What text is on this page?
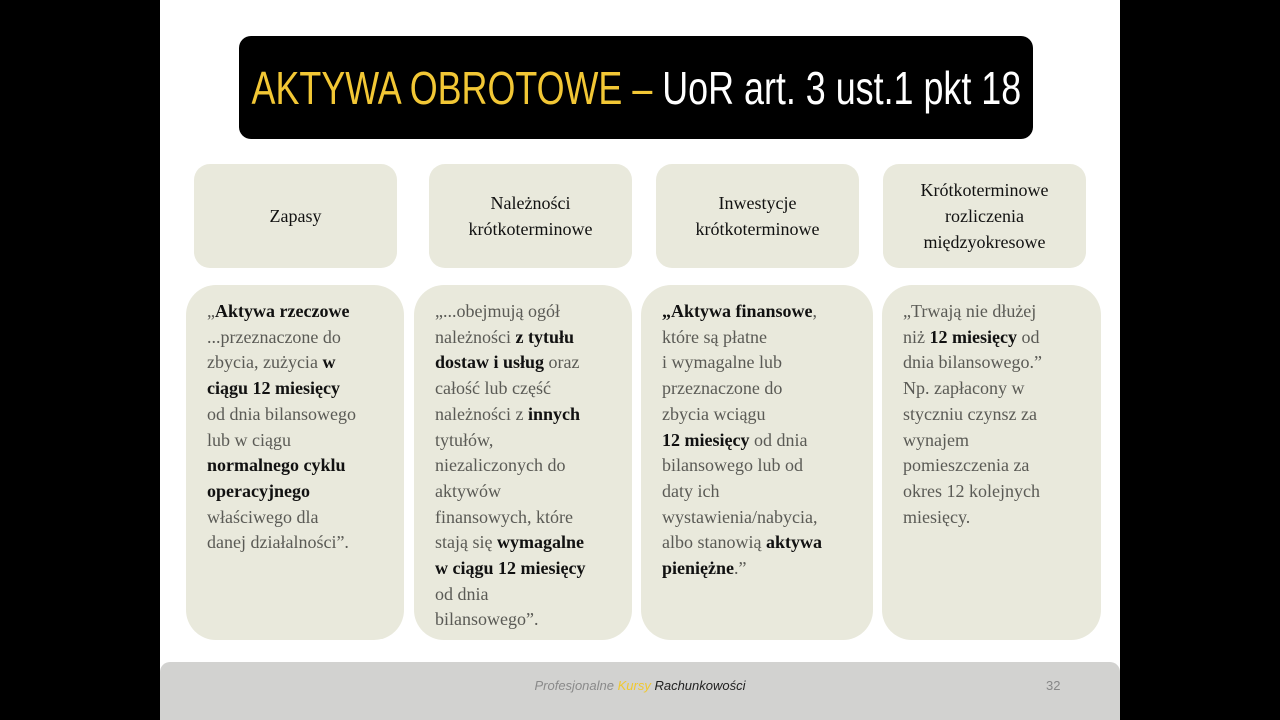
AKTYWA OBROTOWE – UoR art. 3 ust.1 pkt 18
Zapasy
Należności
krótkoterminowe
Inwestycje
krótkoterminowe
Krótkoterminowe
rozliczenia
międzyokresowe
„Aktywa rzeczowe
...przeznaczone do
zbycia, zużycia w
ciągu 12 miesięcy
od dnia bilansowego
lub w ciągu
normalnego cyklu
operacyjnego
właściwego dla
danej działalności”.
„...obejmują ogół
należności z tytułu
dostaw i usług oraz
całość lub część
należności z innych
tytułów,
niezaliczonych do
aktywów
finansowych, które
stają się wymagalne
w ciągu 12 miesięcy
od dnia
bilansowego”.
„Aktywa finansowe,
które są płatne
i wymagalne lub
przeznaczone do
zbycia wciągu
12 miesięcy od dnia
bilansowego lub od
daty ich
wystawienia/nabycia,
albo stanowią aktywa
pieniężne.”
„Trwają nie dłużej
niż 12 miesięcy od
dnia bilansowego.”
Np. zapłacony w
styczniu czynsz za
wynajem
pomieszczenia za
okres 12 kolejnych
miesięcy.
Profesjonalne Kursy Rachunkowości	32
